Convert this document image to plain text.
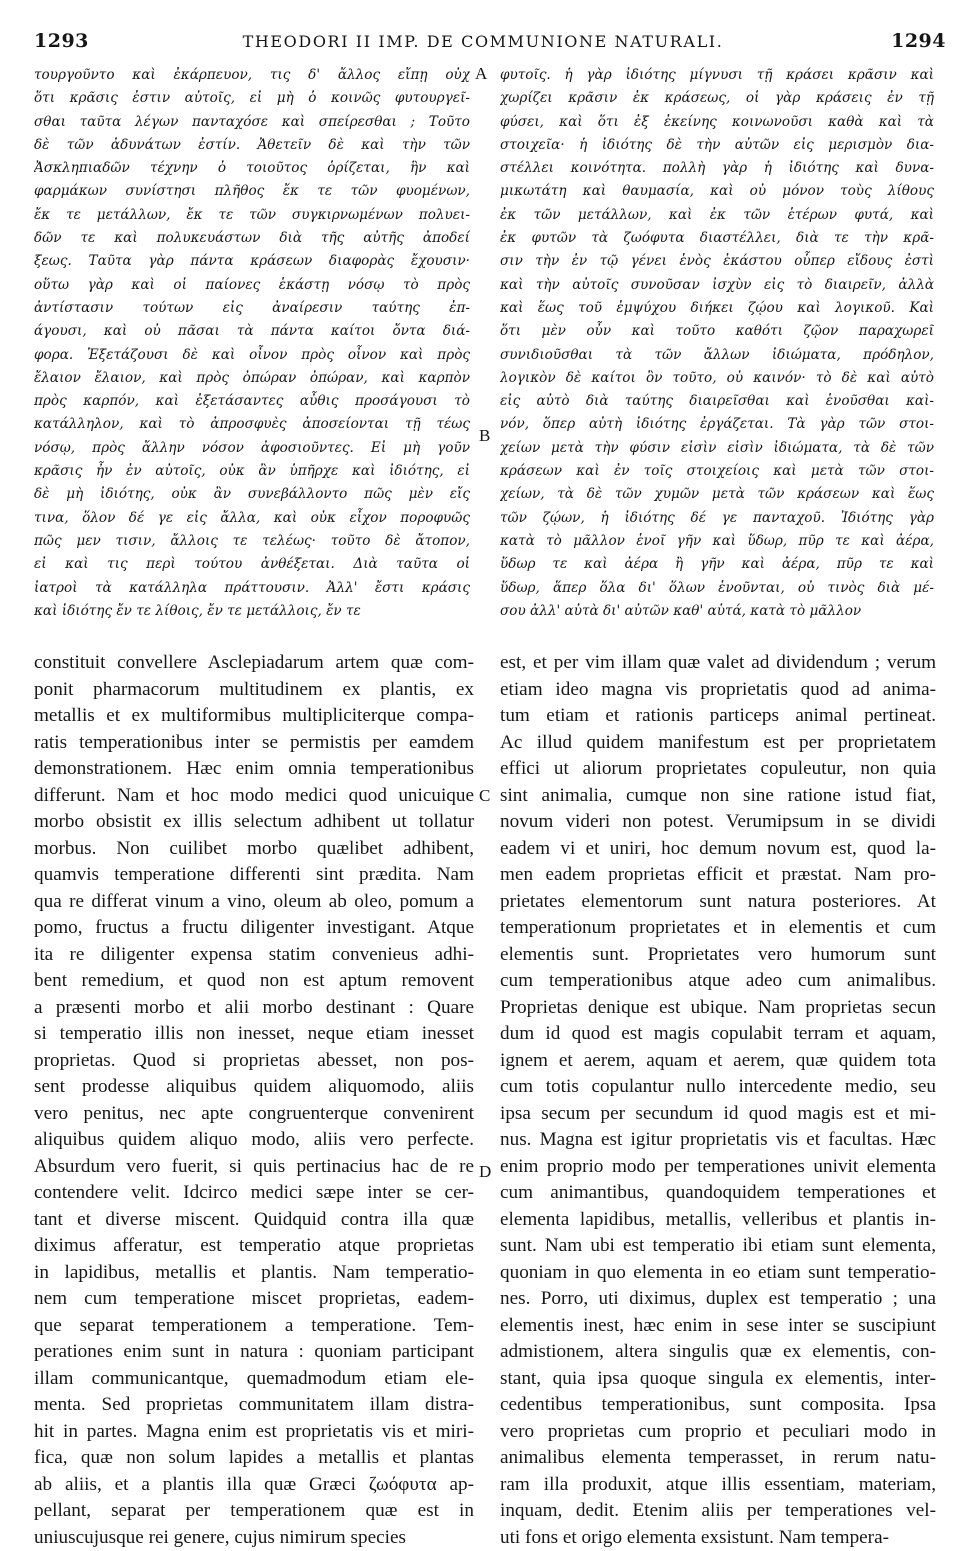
1293	THEODORI II IMP. DE COMMUNIONE NATURALI.	1294
τουργοῦντο καὶ ἐκάρπευον, τις δ' ἄλλος εἴπῃ οὐχ
ὅτι κρᾶσις ἐστιν αὐτοῖς, εἰ μὴ ὁ κοινῶς φυτουργεῖ-
σθαι ταῦτα λέγων πανταχόσε καὶ σπείρεσθαι ; Τοῦτο
δὲ τῶν ἀδυνάτων ἐστίν. Ἀθετεῖν δὲ καὶ τὴν τῶν
Ἀσκληπιαδῶν τέχνην ὁ τοιοῦτος ὁρίζεται, ἣν καὶ
φαρμάκων συνίστησι πλῆθος ἔκ τε τῶν φυομένων,
ἔκ τε μετάλλων, ἔκ τε τῶν συγκιρνωμένων πολυει-
δῶν τε καὶ πολυκευάστων διὰ τῆς αὐτῆς ἀποδεί
ξεως. Ταῦτα γὰρ πάντα κράσεων διαφορὰς ἔχουσιν·
οὕτω γὰρ καὶ οἱ παίονες ἑκάστῃ νόσῳ τὸ πρὸς
ἀντίστασιν τούτων εἰς ἀναίρεσιν ταύτης ἐπ-
άγουσι, καὶ οὐ πᾶσαι τὰ πάντα καίτοι ὄντα διά-
φορα. Ἐξετάζουσι δὲ καὶ οἶνον πρὸς οἶνον καὶ πρὸς
ἔλαιον ἔλαιον, καὶ πρὸς ὀπώραν ὀπώραν, καὶ καρπὸν
πρὸς καρπόν, καὶ ἐξετάσαντες αὖθις προσάγουσι τὸ
κατάλληλον, καὶ τὸ ἀπροσφυὲς ἀποσείονται τῇ τέως
νόσῳ, πρὸς ἄλλην νόσον ἀφοσιοῦντες. Εἰ μὴ γοῦν
κρᾶσις ἦν ἐν αὐτοῖς, οὐκ ἂν ὑπῆρχε καὶ ἰδιότης, εἰ
δὲ μὴ ἰδιότης, οὐκ ἂν συνεβάλλοντο πῶς μὲν εἴς
τινα, ὅλον δέ γε εἰς ἄλλα, καὶ οὐκ εἶχον ποροφυῶς
πῶς μεν τισιν, ἄλλοις τε τελέως· τοῦτο δὲ ἄτοπον,
εἰ καὶ τις περὶ τούτου ἀνθέξεται. Διὰ ταῦτα οἱ
ἰατροὶ τὰ κατάλληλα πράττουσιν. Ἀλλ' ἔστι κράσις
καὶ ἰδιότης ἔν τε λίθοις, ἔν τε μετάλλοις, ἔν τε
φυτοῖς. ἡ γὰρ ἰδιότης μίγνυσι τῇ κράσει κρᾶσιν καὶ
χωρίζει κρᾶσιν ἐκ κράσεως, οἱ γὰρ κράσεις ἐν τῇ
φύσει, καὶ ὅτι ἐξ ἐκείνης κοινωνοῦσι καθὰ καὶ τὰ
στοιχεῖα· ἡ ἰδιότης δὲ τὴν αὐτῶν εἰς μερισμὸν δια-
στέλλει κοινότητα. πολλὴ γὰρ ἡ ἰδιότης καὶ δυνα-
μικωτάτη καὶ θαυμασία, καὶ οὐ μόνον τοὺς λίθους
ἐκ τῶν μετάλλων, καὶ ἐκ τῶν ἑτέρων φυτά, καὶ
ἐκ φυτῶν τὰ ζωόφυτα διαστέλλει, διὰ τε τὴν κρᾶ-
σιν τὴν ἐν τῷ γένει ἑνὸς ἑκάστου οὗπερ εἴδους ἐστὶ
καὶ τὴν αὐτοῖς συνοῦσαν ἰσχὺν εἰς τὸ διαιρεῖν, ἀλλὰ
καὶ ἕως τοῦ ἐμψύχου διήκει ζῴου καὶ λογικοῦ. Καὶ
ὅτι μὲν οὖν καὶ τοῦτο καθότι ζῷον παραχωρεῖ
συνιδιοῦσθαι τὰ τῶν ἄλλων ἰδιώματα, πρόδηλον,
λογικὸν δὲ καίτοι ὂν τοῦτο, οὐ καινόν· τὸ δὲ καὶ αὐτὸ
εἰς αὐτὸ διὰ ταύτης διαιρεῖσθαι καὶ ἑνοῦσθαι καὶ-
νόν, ὅπερ αὐτὴ ἰδιότης ἐργάζεται. Τὰ γὰρ τῶν στοι-
χείων μετὰ τὴν φύσιν εἰσὶν εἰσὶν ἰδιώματα, τὰ δὲ τῶν
κράσεων καὶ ἐν τοῖς στοιχείοις καὶ μετὰ τῶν στοι-
χείων, τὰ δὲ τῶν χυμῶν μετὰ τῶν κράσεων καὶ ἕως
τῶν ζῴων, ἡ ἰδιότης δέ γε πανταχοῦ. Ἰδιότης γὰρ
κατὰ τὸ μᾶλλον ἑνοῖ γῆν καὶ ὕδωρ, πῦρ τε καὶ ἀέρα,
ὕδωρ τε καὶ ἀέρα ἢ γῆν καὶ ἀέρα, πῦρ τε καὶ
ὕδωρ, ἅπερ ὅλα δι' ὅλων ἑνοῦνται, οὐ τινὸς διὰ μέ-
σου ἀλλ' αὐτὰ δι' αὐτῶν καθ' αὑτά, κατὰ τὸ μᾶλλον
constituit convellere Asclepiadarum artem quæ com-
ponit pharmacorum multitudinem ex plantis, ex
metallis et ex multiformibus multipliciterque compa-
ratis temperationibus inter se permistis per eamdem
demonstrationem. Hæc enim omnia temperationibus
differunt. Nam et hoc modo medici quod unicuique
morbo obsistit ex illis selectum adhibent ut tollatur
morbus. Non cuilibet morbo quælibet adhibent,
quamvis temperatione differenti sint prædita. Nam
qua re differat vinum a vino, oleum ab oleo, pomum a
pomo, fructus a fructu diligenter investigant. Atque
ita re diligenter expensa statim convenieus adhi-
bent remedium, et quod non est aptum removent
a præsenti morbo et alii morbo destinant : Quare
si temperatio illis non inesset, neque etiam inesset
proprietas. Quod si proprietas abesset, non pos-
sent prodesse aliquibus quidem aliquomodo, aliis
vero penitus, nec apte congruenterque convenirent
aliquibus quidem aliquo modo, aliis vero perfecte.
Absurdum vero fuerit, si quis pertinacius hac de re
contendere velit. Idcirco medici sæpe inter se cer-
tant et diverse miscent. Quidquid contra illa quæ
diximus afferatur, est temperatio atque proprietas
in lapidibus, metallis et plantis. Nam temperatio-
nem cum temperatione miscet proprietas, eadem-
que separat temperationem a temperatione. Tem-
perationes enim sunt in natura : quoniam participant
illam communicantque, quemadmodum etiam ele-
menta. Sed proprietas communitatem illam distra-
hit in partes. Magna enim est proprietatis vis et miri-
fica, quæ non solum lapides a metallis et plantas
ab aliis, et a plantis illa quæ Græci ζωόφυτα ap-
pellant, separat per temperationem quæ est in
uniuscujusque rei genere, cujus nimirum species
est, et per vim illam quæ valet ad dividendum ; verum
etiam ideo magna vis proprietatis quod ad anima-
tum etiam et rationis particeps animal pertineat.
Ac illud quidem manifestum est per proprietatem
effici ut aliorum proprietates copuleutur, non quia
sint animalia, cumque non sine ratione istud fiat,
novum videri non potest. Verumipsum in se dividi
eadem vi et uniri, hoc demum novum est, quod la-
men eadem proprietas efficit et præstat. Nam pro-
prietates elementorum sunt natura posteriores. At
temperationum proprietates et in elementis et cum
elementis sunt. Proprietates vero humorum sunt
cum temperationibus atque adeo cum animalibus.
Proprietas denique est ubique. Nam proprietas secun
dum id quod est magis copulabit terram et aquam,
ignem et aerem, aquam et aerem, quæ quidem tota
cum totis copulantur nullo intercedente medio, seu
ipsa secum per secundum id quod magis est et mi-
nus. Magna est igitur proprietatis vis et facultas. Hæc
enim proprio modo per temperationes univit elementa
cum animantibus, quandoquidem temperationes et
elementa lapidibus, metallis, velleribus et plantis in-
sunt. Nam ubi est temperatio ibi etiam sunt elementa,
quoniam in quo elementa in eo etiam sunt temperatio-
nes. Porro, uti diximus, duplex est temperatio ; una
elementis inest, hæc enim in sese inter se suscipiunt
admistionem, altera singulis quæ ex elementis, con-
stant, quia ipsa quoque singula ex elementis, inter-
cedentibus temperationibus, sunt composita. Ipsa
vero proprietas cum proprio et peculiari modo in
animalibus elementa temperasset, in rerum natu-
ram illa produxit, atque illis essentiam, materiam,
inquam, dedit. Etenim aliis per temperationes vel-
uti fons et origo elementa exsistunt. Nam tempera-
A
B
C
D
